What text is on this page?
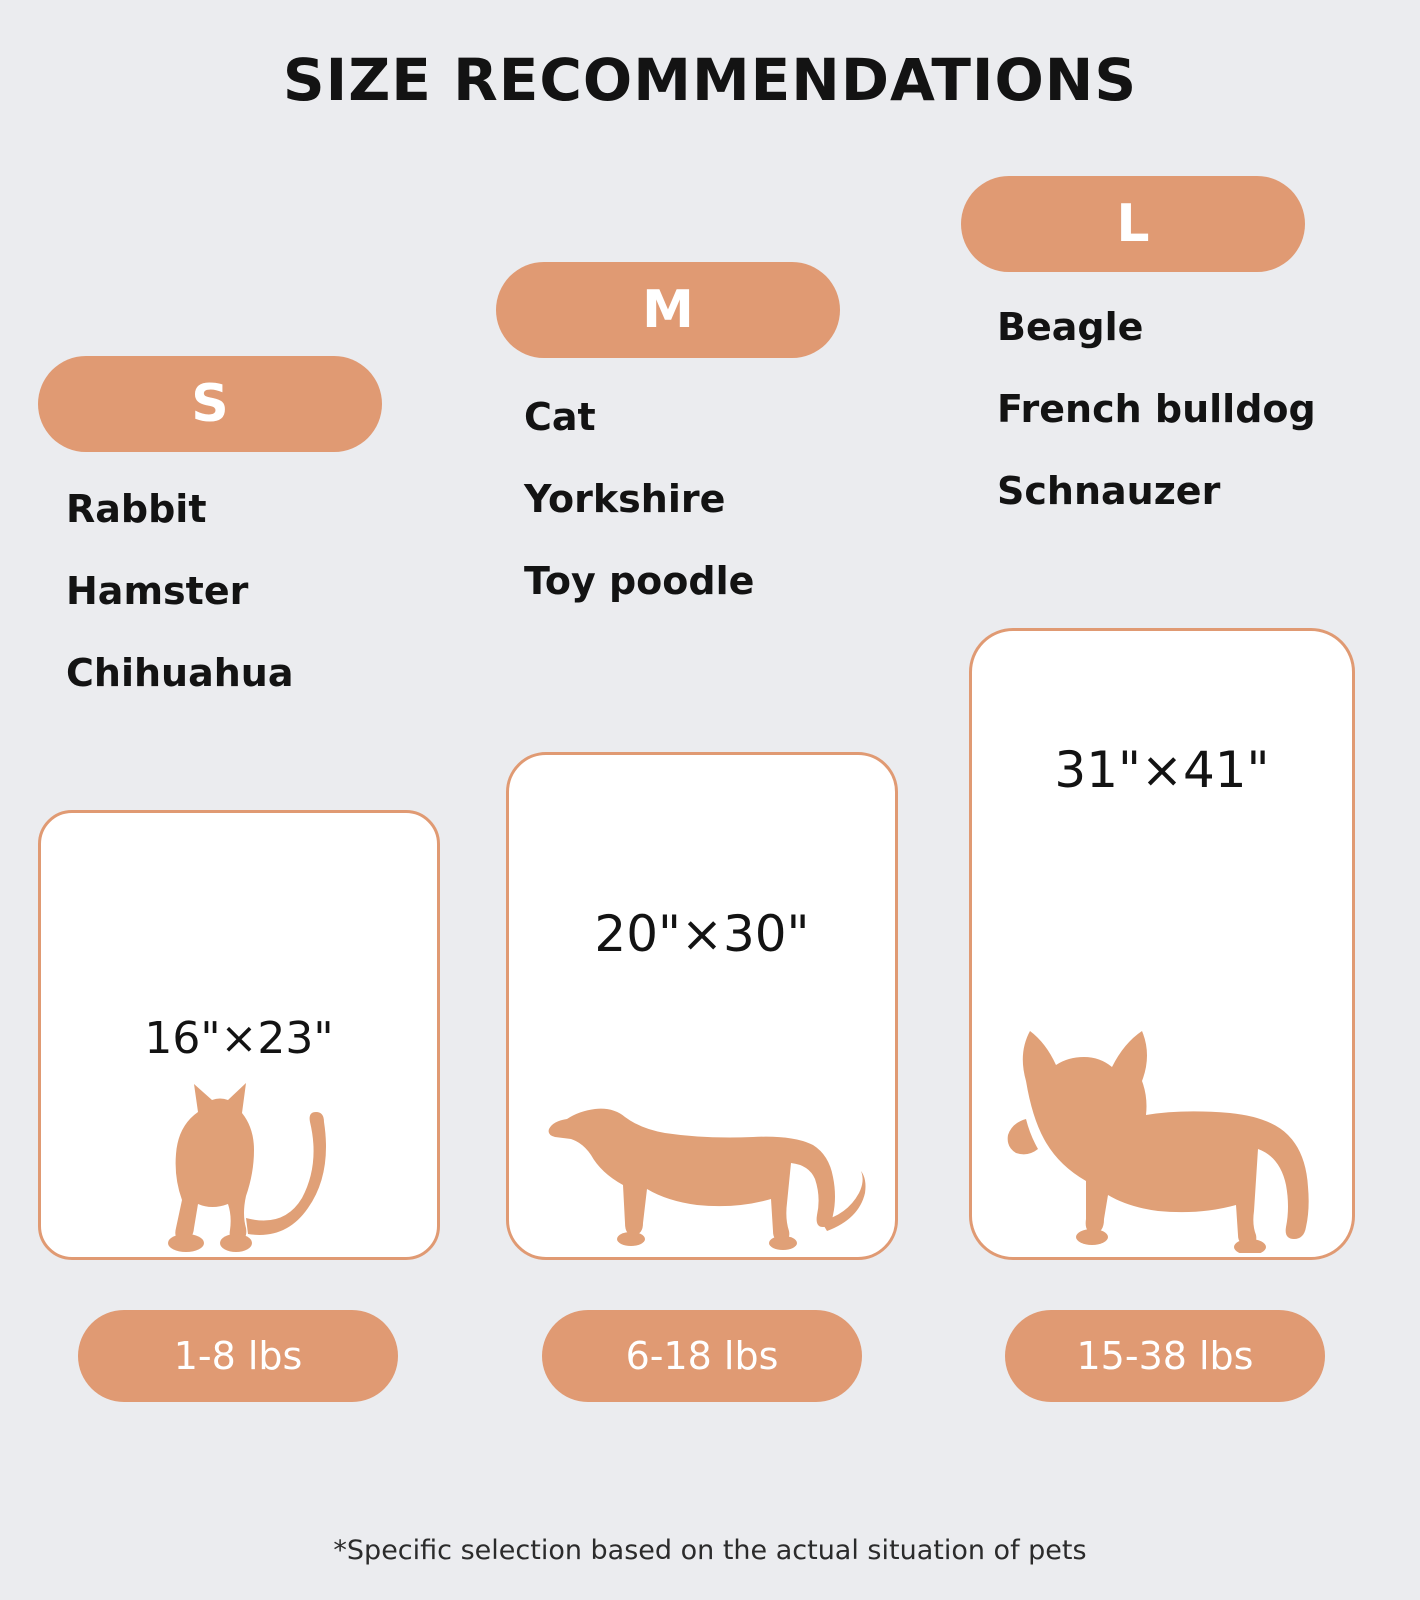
SIZE RECOMMENDATIONS
S
Rabbit
Hamster
Chihuahua
16"×23"
1-8 lbs
M
Cat
Yorkshire
Toy poodle
20"×30"
6-18 lbs
L
Beagle
French bulldog
Schnauzer
31"×41"
15-38 lbs
*Specific selection based on the actual situation of pets
